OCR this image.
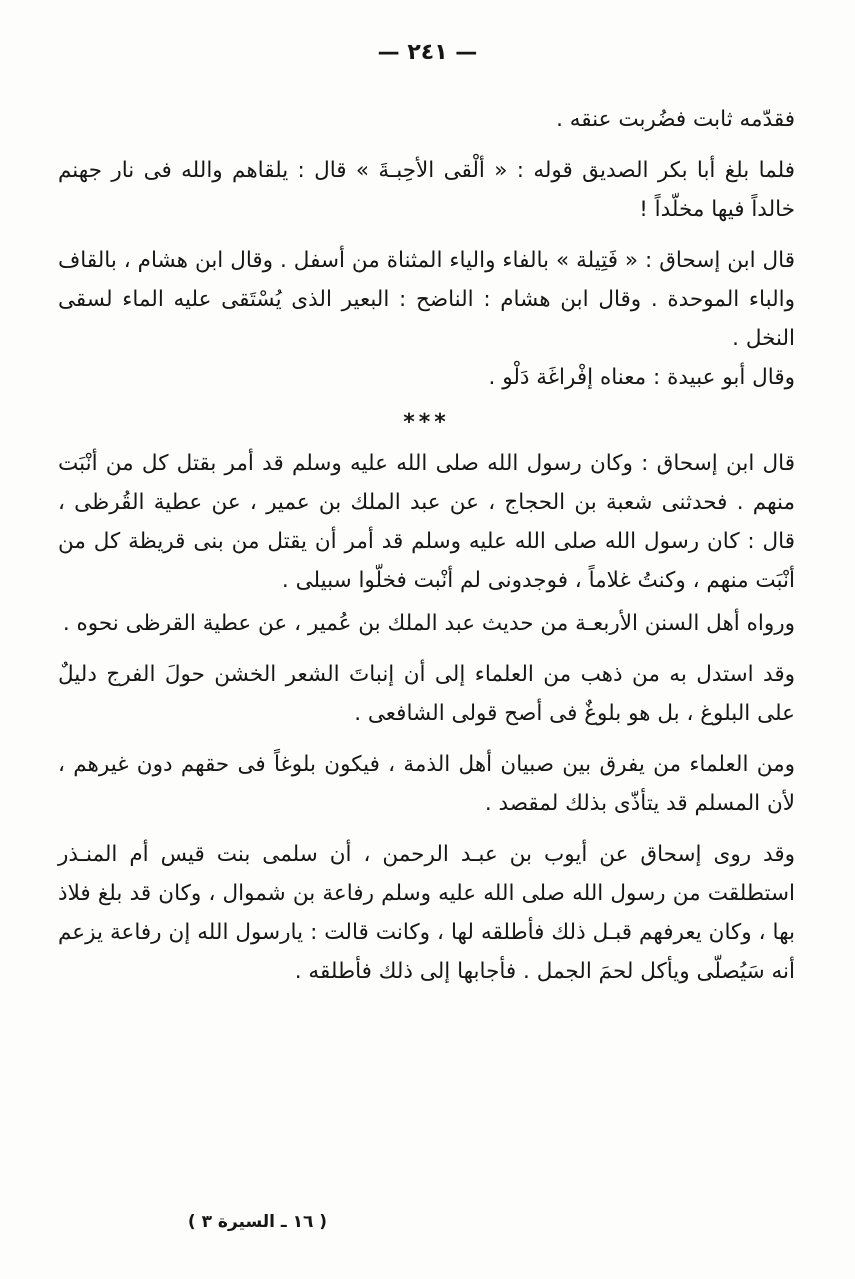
— ٢٤١ —

فقدّمه ثابت فضُربت عنقه .

فلما بلغ أبا بكر الصديق قوله : « ألْقى الأحِبـةَ » قال : يلقاهم والله فى نار جهنم خالداً فيها مخلّداً !

قال ابن إسحاق : « فَتِيلة » بالفاء والياء المثناة من أسفل . وقال ابن هشام ، بالقاف والباء الموحدة . وقال ابن هشام : الناضح : البعير الذى يُسْتَقى عليه الماء لسقى النخل .

وقال أبو عبيدة : معناه إفْراغَة دَلْو .

***

قال ابن إسحاق : وكان رسول الله صلى الله عليه وسلم قد أمر بقتل كل من أنْبَت منهم . فحدثنى شعبة بن الحجاج ، عن عبد الملك بن عمير ، عن عطية القُرظى ، قال : كان رسول الله صلى الله عليه وسلم قد أمر أن يقتل من بنى قريظة كل من أنْبَت منهم ، وكنتُ غلاماً ، فوجدونى لم أنْبت فخلّوا سبيلى .

ورواه أهل السنن الأربعـة من حديث عبد الملك بن عُمير ، عن عطية القرظى نحوه .

وقد استدل به من ذهب من العلماء إلى أن إنباتَ الشعر الخشن حولَ الفرج دليلٌ على البلوغ ، بل هو بلوغٌ فى أصح قولى الشافعى .

ومن العلماء من يفرق بين صبيان أهل الذمة ، فيكون بلوغاً فى حقهم دون غيرهم ، لأن المسلم قد يتأذّى بذلك لمقصد .

وقد روى إسحاق عن أيوب بن عبـد الرحمن ، أن سلمى بنت قيس أم المنـذر استطلقت من رسول الله صلى الله عليه وسلم رفاعة بن شموال ، وكان قد بلغ فلاذ بها ، وكان يعرفهم قبـل ذلك فأطلقه لها ، وكانت قالت : يارسول الله إن رفاعة يزعم أنه سَيُصلّى ويأكل لحمَ الجمل . فأجابها إلى ذلك فأطلقه .

( ١٦ ـ السيرة ٣ )
